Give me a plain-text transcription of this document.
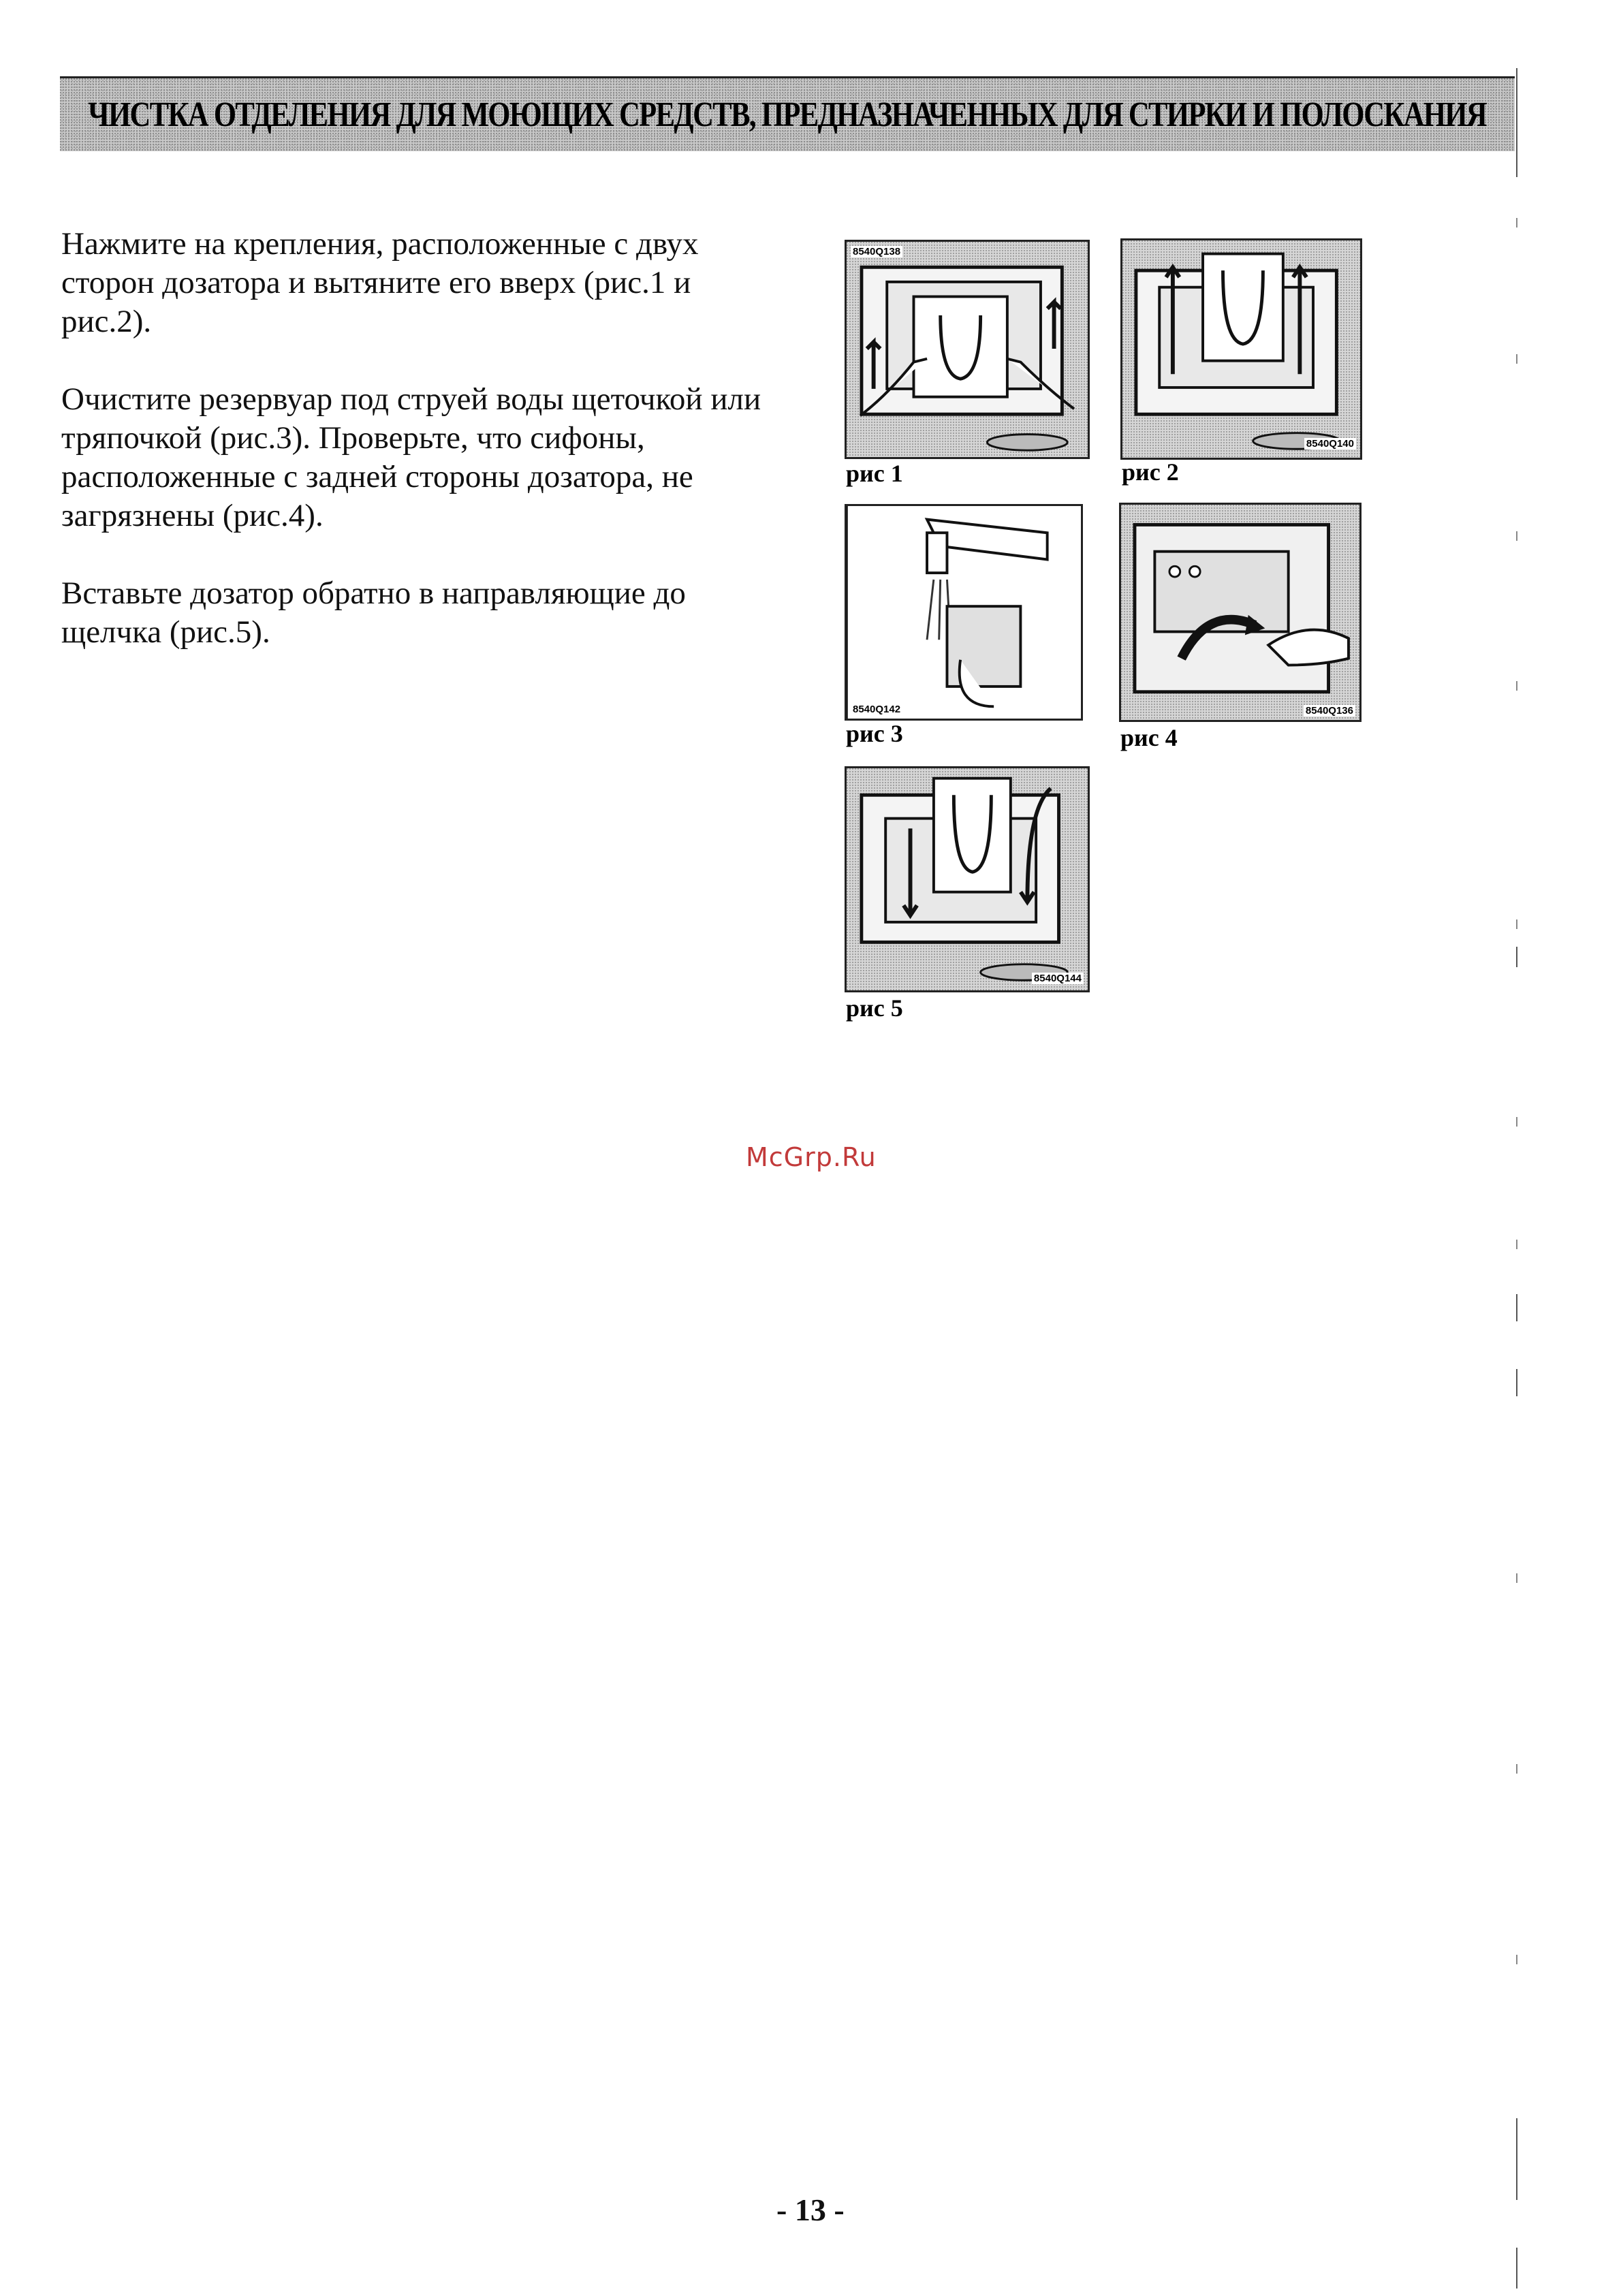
ЧИСТКА ОТДЕЛЕНИЯ ДЛЯ МОЮЩИХ СРЕДСТВ, ПРЕДНАЗНАЧЕННЫХ ДЛЯ СТИРКИ И ПОЛОСКАНИЯ

Нажмите на крепления, расположенные с двух сторон дозатора и вытяните его вверх (рис.1 и рис.2).

Очистите резервуар под струей воды щеточкой или тряпочкой (рис.3). Проверьте, что сифоны, расположенные с задней стороны дозатора, не загрязнены (рис.4).

Вставьте дозатор обратно в направляющие до щелчка (рис.5).

8540Q138
рис 1
8540Q140
рис 2
8540Q142
рис 3
8540Q136
рис 4
8540Q144
рис 5
McGrp.Ru
- 13 -
